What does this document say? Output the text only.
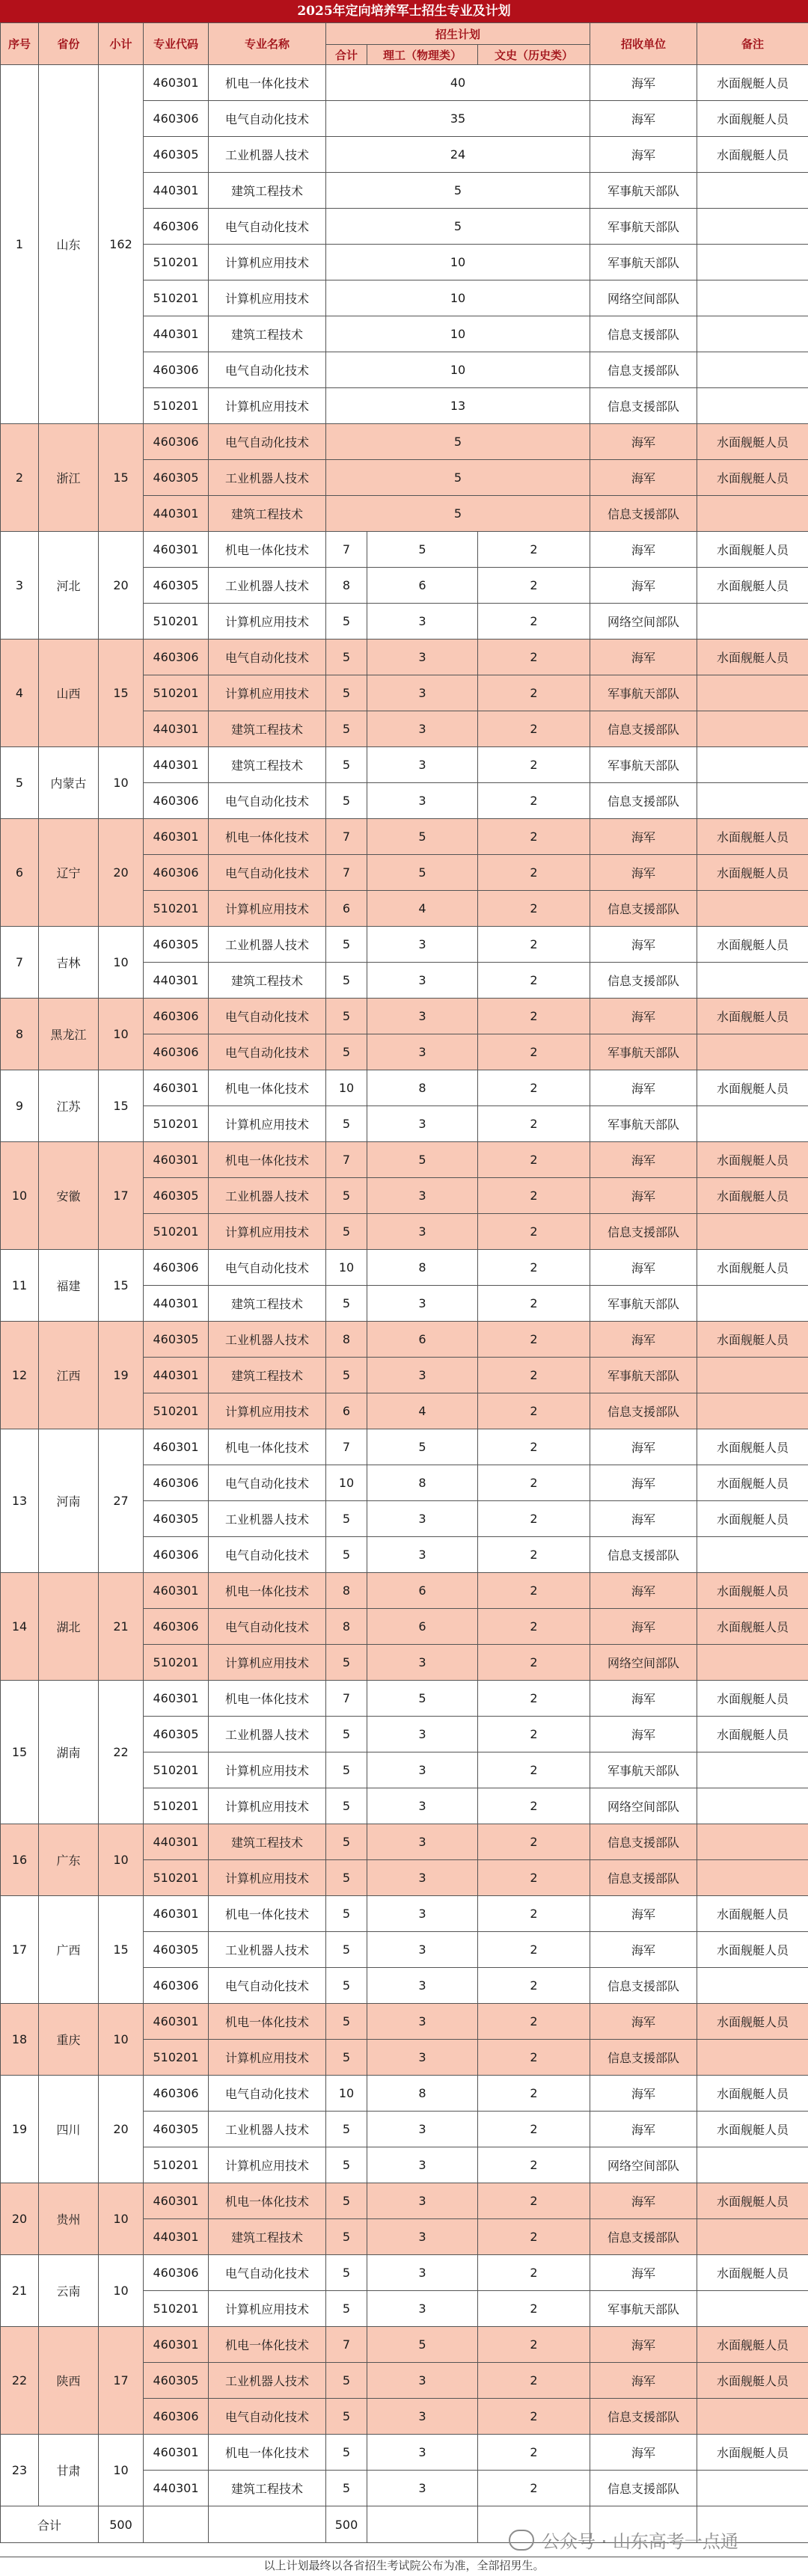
2025年定向培养军士招生专业及计划
序号	省份	小计	专业代码	专业名称	招生计划			招收单位	备注
					合计	理工（物理类）	文史（历史类）		
1	山东	162	460301	机电一体化技术	40			海军	水面舰艇人员
			460306	电气自动化技术	35			海军	水面舰艇人员
			460305	工业机器人技术	24			海军	水面舰艇人员
			440301	建筑工程技术	5			军事航天部队	
			460306	电气自动化技术	5			军事航天部队	
			510201	计算机应用技术	10			军事航天部队	
			510201	计算机应用技术	10			网络空间部队	
			440301	建筑工程技术	10			信息支援部队	
			460306	电气自动化技术	10			信息支援部队	
			510201	计算机应用技术	13			信息支援部队	
2	浙江	15	460306	电气自动化技术	5			海军	水面舰艇人员
			460305	工业机器人技术	5			海军	水面舰艇人员
			440301	建筑工程技术	5			信息支援部队	
3	河北	20	460301	机电一体化技术	7	5	2	海军	水面舰艇人员
			460305	工业机器人技术	8	6	2	海军	水面舰艇人员
			510201	计算机应用技术	5	3	2	网络空间部队	
4	山西	15	460306	电气自动化技术	5	3	2	海军	水面舰艇人员
			510201	计算机应用技术	5	3	2	军事航天部队	
			440301	建筑工程技术	5	3	2	信息支援部队	
5	内蒙古	10	440301	建筑工程技术	5	3	2	军事航天部队	
			460306	电气自动化技术	5	3	2	信息支援部队	
6	辽宁	20	460301	机电一体化技术	7	5	2	海军	水面舰艇人员
			460306	电气自动化技术	7	5	2	海军	水面舰艇人员
			510201	计算机应用技术	6	4	2	信息支援部队	
7	吉林	10	460305	工业机器人技术	5	3	2	海军	水面舰艇人员
			440301	建筑工程技术	5	3	2	信息支援部队	
8	黑龙江	10	460306	电气自动化技术	5	3	2	海军	水面舰艇人员
			460306	电气自动化技术	5	3	2	军事航天部队	
9	江苏	15	460301	机电一体化技术	10	8	2	海军	水面舰艇人员
			510201	计算机应用技术	5	3	2	军事航天部队	
10	安徽	17	460301	机电一体化技术	7	5	2	海军	水面舰艇人员
			460305	工业机器人技术	5	3	2	海军	水面舰艇人员
			510201	计算机应用技术	5	3	2	信息支援部队	
11	福建	15	460306	电气自动化技术	10	8	2	海军	水面舰艇人员
			440301	建筑工程技术	5	3	2	军事航天部队	
12	江西	19	460305	工业机器人技术	8	6	2	海军	水面舰艇人员
			440301	建筑工程技术	5	3	2	军事航天部队	
			510201	计算机应用技术	6	4	2	信息支援部队	
13	河南	27	460301	机电一体化技术	7	5	2	海军	水面舰艇人员
			460306	电气自动化技术	10	8	2	海军	水面舰艇人员
			460305	工业机器人技术	5	3	2	海军	水面舰艇人员
			460306	电气自动化技术	5	3	2	信息支援部队	
14	湖北	21	460301	机电一体化技术	8	6	2	海军	水面舰艇人员
			460306	电气自动化技术	8	6	2	海军	水面舰艇人员
			510201	计算机应用技术	5	3	2	网络空间部队	
15	湖南	22	460301	机电一体化技术	7	5	2	海军	水面舰艇人员
			460305	工业机器人技术	5	3	2	海军	水面舰艇人员
			510201	计算机应用技术	5	3	2	军事航天部队	
			510201	计算机应用技术	5	3	2	网络空间部队	
16	广东	10	440301	建筑工程技术	5	3	2	信息支援部队	
			510201	计算机应用技术	5	3	2	信息支援部队	
17	广西	15	460301	机电一体化技术	5	3	2	海军	水面舰艇人员
			460305	工业机器人技术	5	3	2	海军	水面舰艇人员
			460306	电气自动化技术	5	3	2	信息支援部队	
18	重庆	10	460301	机电一体化技术	5	3	2	海军	水面舰艇人员
			510201	计算机应用技术	5	3	2	信息支援部队	
19	四川	20	460306	电气自动化技术	10	8	2	海军	水面舰艇人员
			460305	工业机器人技术	5	3	2	海军	水面舰艇人员
			510201	计算机应用技术	5	3	2	网络空间部队	
20	贵州	10	460301	机电一体化技术	5	3	2	海军	水面舰艇人员
			440301	建筑工程技术	5	3	2	信息支援部队	
21	云南	10	460306	电气自动化技术	5	3	2	海军	水面舰艇人员
			510201	计算机应用技术	5	3	2	军事航天部队	
22	陕西	17	460301	机电一体化技术	7	5	2	海军	水面舰艇人员
			460305	工业机器人技术	5	3	2	海军	水面舰艇人员
			460306	电气自动化技术	5	3	2	信息支援部队	
23	甘肃	10	460301	机电一体化技术	5	3	2	海军	水面舰艇人员
			440301	建筑工程技术	5	3	2	信息支援部队	
合计		500			500				
公众号 · 山东高考一点通
以上计划最终以各省招生考试院公布为准，全部招男生。
